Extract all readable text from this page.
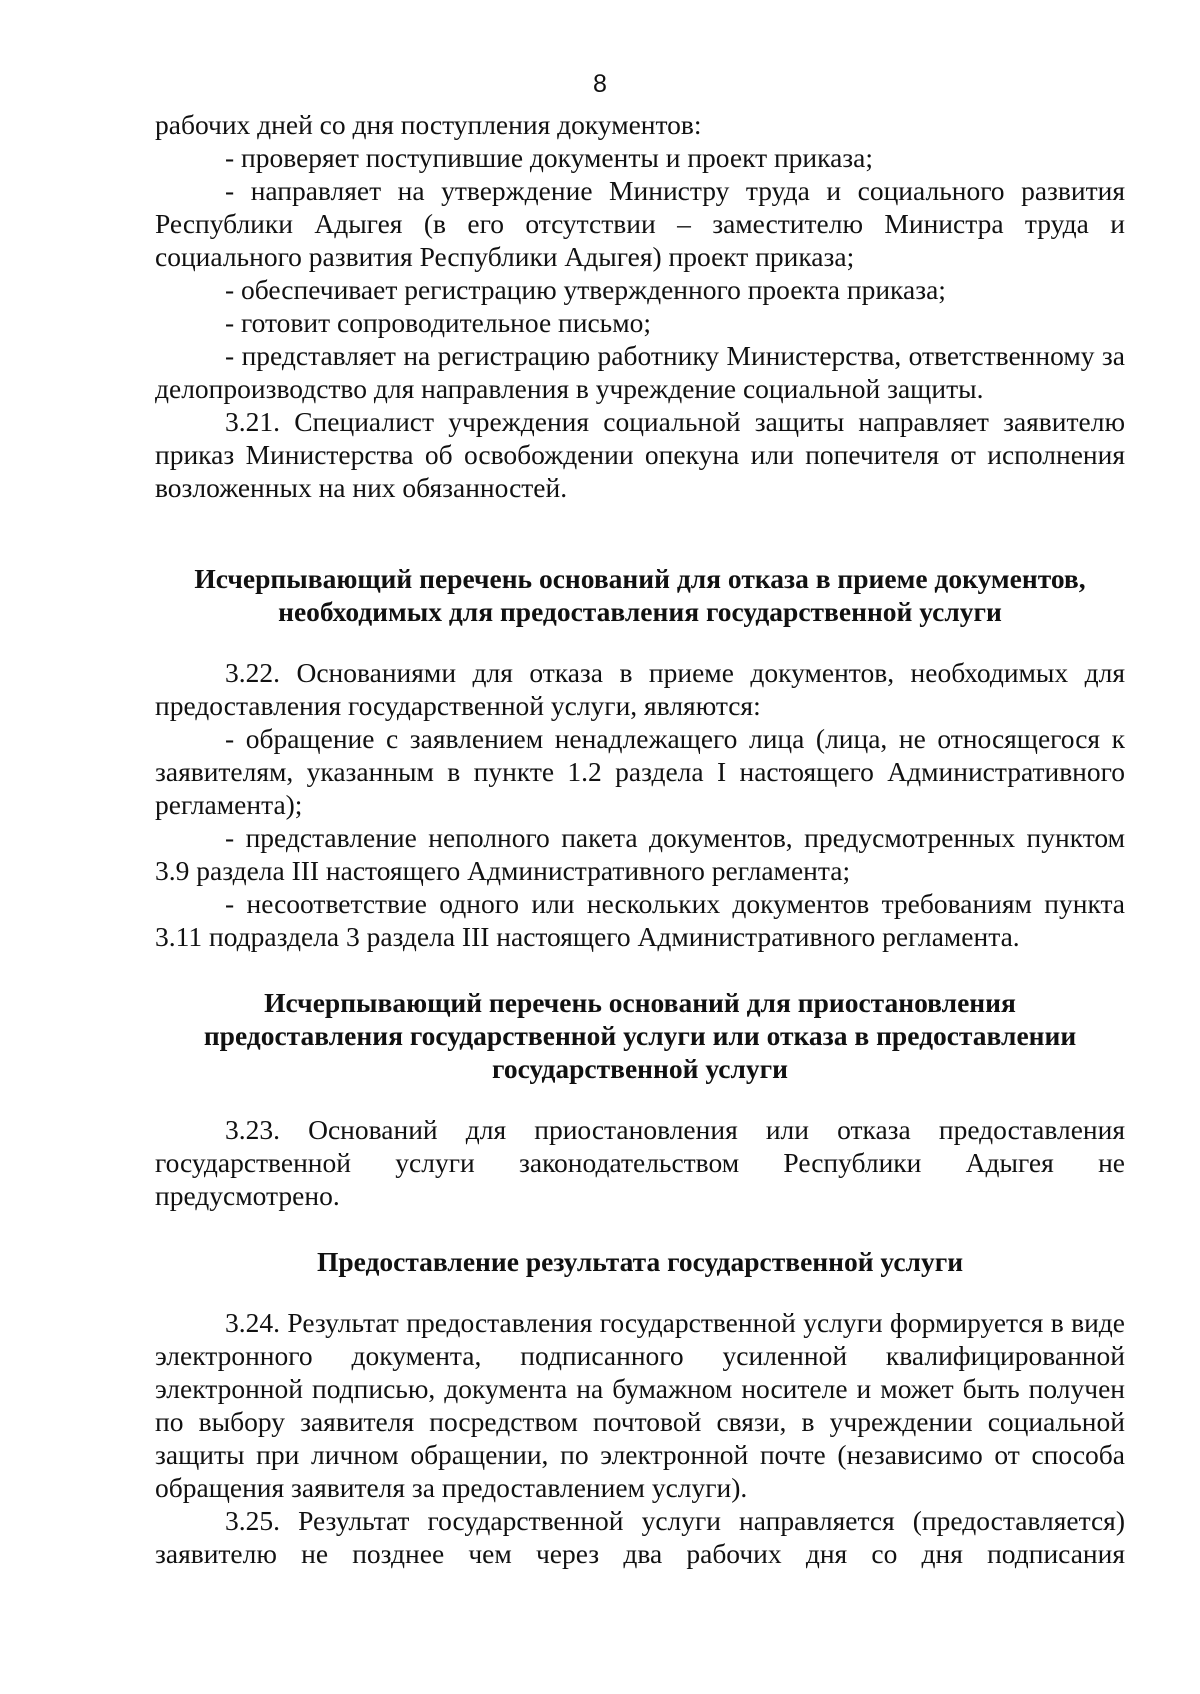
8

рабочих дней со дня поступления документов:

- проверяет поступившие документы и проект приказа;

- направляет на утверждение Министру труда и социального развития Республики Адыгея (в его отсутствии – заместителю Министра труда и социального развития Республики Адыгея) проект приказа;

- обеспечивает регистрацию утвержденного проекта приказа;

- готовит сопроводительное письмо;

- представляет на регистрацию работнику Министерства, ответственному за делопроизводство для направления в учреждение социальной защиты.

3.21. Специалист учреждения социальной защиты направляет заявителю приказ Министерства об освобождении опекуна или попечителя от исполнения возложенных на них обязанностей.

Исчерпывающий перечень оснований для отказа в приеме документов,

необходимых для предоставления государственной услуги

3.22. Основаниями для отказа в приеме документов, необходимых для предоставления государственной услуги, являются:

- обращение с заявлением ненадлежащего лица (лица, не относящегося к заявителям, указанным в пункте 1.2 раздела I настоящего Административного регламента);

- представление неполного пакета документов, предусмотренных пунктом 3.9 раздела III настоящего Административного регламента;

- несоответствие одного или нескольких документов требованиям пункта 3.11 подраздела 3 раздела III настоящего Административного регламента.

Исчерпывающий перечень оснований для приостановления

предоставления государственной услуги или отказа в предоставлении

государственной услуги

3.23. Оснований для приостановления или отказа предоставления государственной услуги законодательством Республики Адыгея не предусмотрено.

Предоставление результата государственной услуги

3.24. Результат предоставления государственной услуги формируется в виде электронного документа, подписанного усиленной квалифицированной электронной подписью, документа на бумажном носителе и может быть получен по выбору заявителя посредством почтовой связи, в учреждении социальной защиты при личном обращении, по электронной почте (независимо от способа обращения заявителя за предоставлением услуги).

3.25. Результат государственной услуги направляется (предоставляется) заявителю не позднее чем через два рабочих дня со дня подписания
